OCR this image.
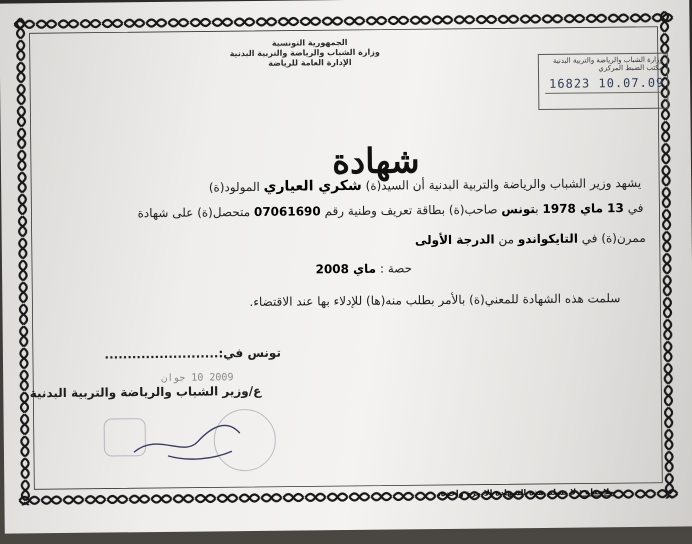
الجمهورية التونسية
وزارة الشباب والرياضة والتربية البدنية
الإدارة العامة للرياضة	وزارة الشباب والرياضة والتربية البدنية
مكتب الضبط المركزي
16823 10.07.09
شهادة
يشهد وزير الشباب والرياضة والتربية البدنية أن السيد(ة) شكري العياري المولود(ة)
في 13 ماي 1978 بتونس صاحب(ة) بطاقة تعريف وطنية رقم 07061690 متحصل(ة) على شهادة
ممرن(ة) في التايكواندو من الدرجة الأولى
حصة : ماي 2008
سلمت هذه الشهادة للمعني(ة) بالأمر بطلب منه(ها) للإدلاء بها عند الاقتضاء.
2009 10 جوان
تونس في:.........................
ع/وزير الشباب والرياضة والتربية البدنية
ملاحظة : لا تسلم هذه الشهادة إلا مرة واحدة.
